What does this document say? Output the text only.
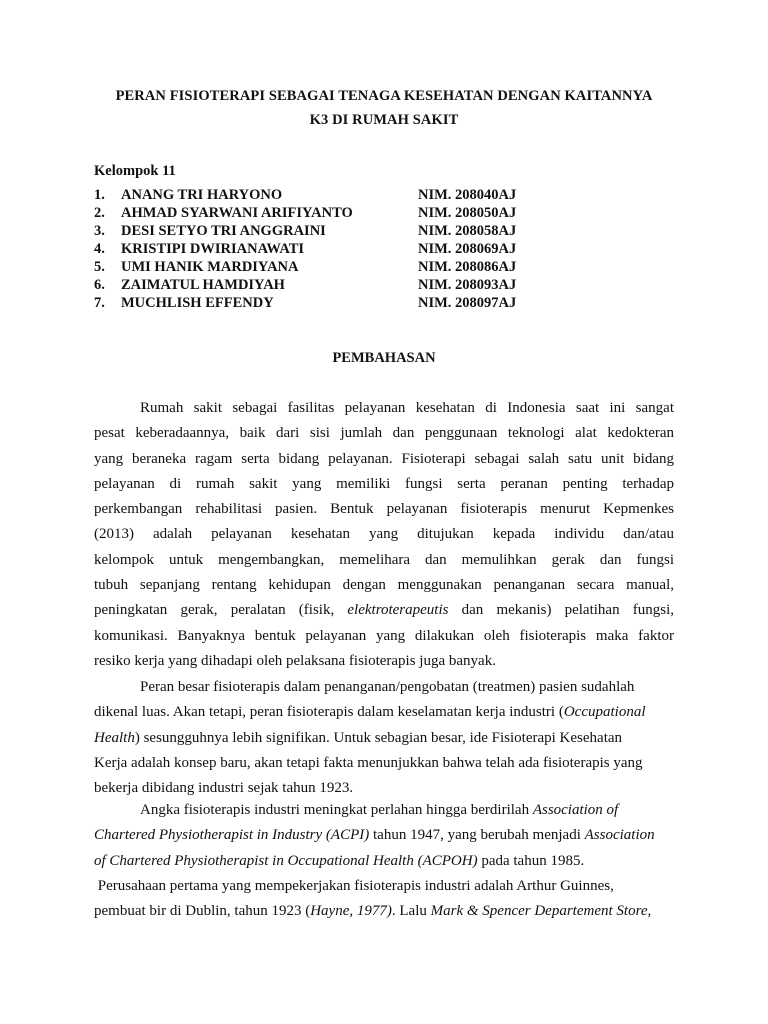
PERAN FISIOTERAPI SEBAGAI TENAGA KESEHATAN DENGAN KAITANNYA
K3 DI RUMAH SAKIT
Kelompok 11
1. ANANG TRI HARYONO	NIM. 208040AJ
2. AHMAD SYARWANI ARIFIYANTO	NIM. 208050AJ
3. DESI SETYO TRI ANGGRAINI	NIM. 208058AJ
4. KRISTIPI DWIRIANAWATI	NIM. 208069AJ
5. UMI HANIK MARDIYANA	NIM. 208086AJ
6. ZAIMATUL HAMDIYAH	NIM. 208093AJ
7. MUCHLISH EFFENDY	NIM. 208097AJ
PEMBAHASAN
Rumah sakit sebagai fasilitas pelayanan kesehatan di Indonesia saat ini sangat
pesat keberadaannya, baik dari sisi jumlah dan penggunaan teknologi alat kedokteran
yang beraneka ragam serta bidang pelayanan. Fisioterapi sebagai salah satu unit bidang
pelayanan di rumah sakit yang memiliki fungsi serta peranan penting terhadap
perkembangan rehabilitasi pasien. Bentuk pelayanan fisioterapis menurut Kepmenkes
(2013) adalah pelayanan kesehatan yang ditujukan kepada individu dan/atau
kelompok untuk mengembangkan, memelihara dan memulihkan gerak dan fungsi
tubuh sepanjang rentang kehidupan dengan menggunakan penanganan secara manual,
peningkatan gerak, peralatan (fisik, elektroterapeutis dan mekanis) pelatihan fungsi,
komunikasi. Banyaknya bentuk pelayanan yang dilakukan oleh fisioterapis maka faktor
resiko kerja yang dihadapi oleh pelaksana fisioterapis juga banyak.
Peran besar fisioterapis dalam penanganan/pengobatan (treatmen) pasien sudahlah
dikenal luas. Akan tetapi, peran fisioterapis dalam keselamatan kerja industri (Occupational
Health) sesungguhnya lebih signifikan. Untuk sebagian besar, ide Fisioterapi Kesehatan
Kerja adalah konsep baru, akan tetapi fakta menunjukkan bahwa telah ada fisioterapis yang
bekerja dibidang industri sejak tahun 1923.
Angka fisioterapis industri meningkat perlahan hingga berdirilah Association of
Chartered Physiotherapist in Industry (ACPI) tahun 1947, yang berubah menjadi Association
of Chartered Physiotherapist in Occupational Health (ACPOH) pada tahun 1985.
Perusahaan pertama yang mempekerjakan fisioterapis industri adalah Arthur Guinnes,
pembuat bir di Dublin, tahun 1923 (Hayne, 1977). Lalu Mark & Spencer Departement Store,
